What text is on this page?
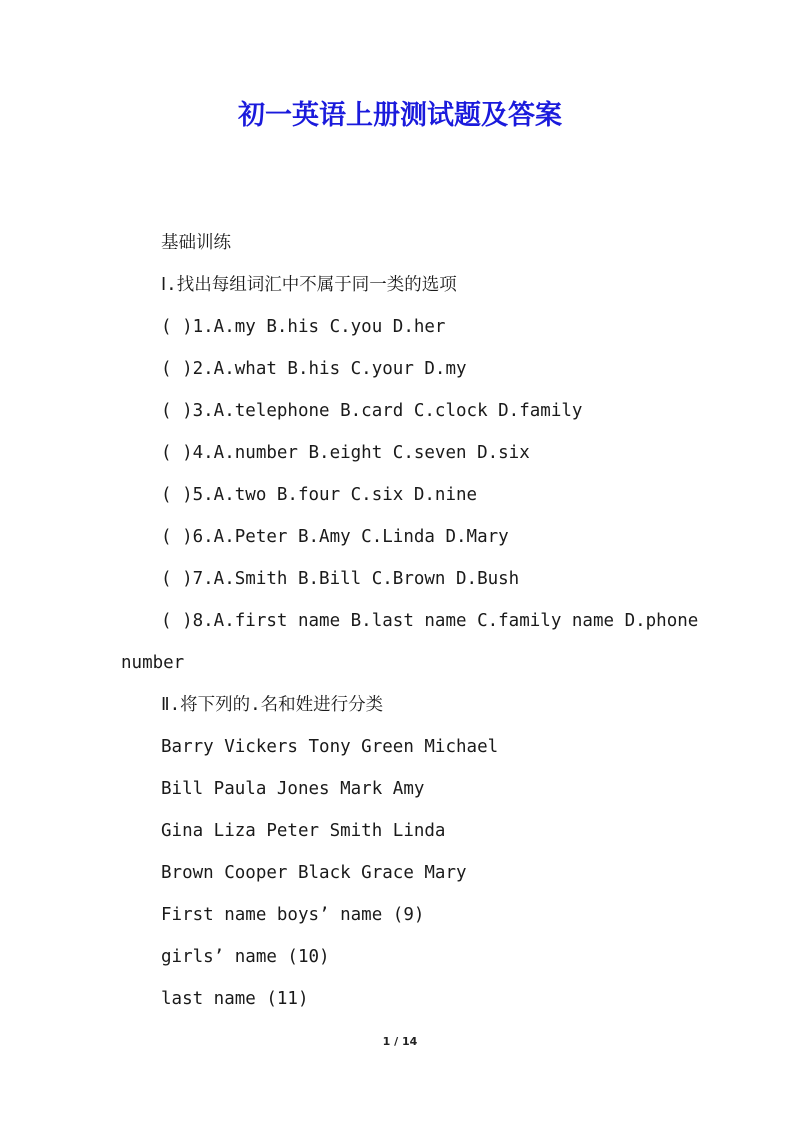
初一英语上册测试题及答案

基础训练

Ⅰ.找出每组词汇中不属于同一类的选项

( )1.A.my B.his C.you D.her

( )2.A.what B.his C.your D.my

( )3.A.telephone B.card C.clock D.family

( )4.A.number B.eight C.seven D.six

( )5.A.two B.four C.six D.nine

( )6.A.Peter B.Amy C.Linda D.Mary

( )7.A.Smith B.Bill C.Brown D.Bush

( )8.A.first name B.last name C.family name D.phone

number

Ⅱ.将下列的.名和姓进行分类

Barry Vickers Tony Green Michael

Bill Paula Jones Mark Amy

Gina Liza Peter Smith Linda

Brown Cooper Black Grace Mary

First name boys’ name (9)

girls’ name (10)

last name (11)

1 / 14
